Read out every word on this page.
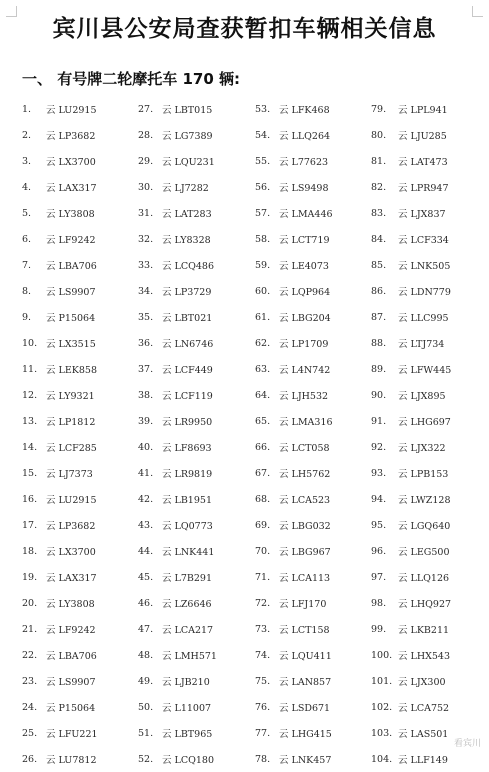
宾川县公安局查获暂扣车辆相关信息
一、 有号牌二轮摩托车 170 辆:
1.	云 LU2915
2.	云 LP3682
3.	云 LX3700
4.	云 LAX317
5.	云 LY3808
6.	云 LF9242
7.	云 LBA706
8.	云 LS9907
9.	云 P15064
10. 云 LX3515
11. 云 LEK858
12. 云 LY9321
13. 云 LP1812
14. 云 LCF285
15. 云 LJ7373
16. 云 LU2915
17. 云 LP3682
18. 云 LX3700
19. 云 LAX317
20. 云 LY3808
21. 云 LF9242
22. 云 LBA706
23. 云 LS9907
24. 云 P15064
25. 云 LFU221
26. 云 LU7812
27. 云 LBT015
28. 云 LG7389
29. 云 LQU231
30. 云 LJ7282
31. 云 LAT283
32. 云 LY8328
33. 云 LCQ486
34. 云 LP3729
35. 云 LBT021
36. 云 LN6746
37. 云 LCF449
38. 云 LCF119
39. 云 LR9950
40. 云 LF8693
41. 云 LR9819
42. 云 LB1951
43. 云 LQ0773
44. 云 LNK441
45. 云 L7B291
46. 云 LZ6646
47. 云 LCA217
48. 云 LMH571
49. 云 LJB210
50. 云 L11007
51. 云 LBT965
52. 云 LCQ180
53. 云 LFK468
54. 云 LLQ264
55. 云 L77623
56. 云 LS9498
57. 云 LMA446
58. 云 LCT719
59. 云 LE4073
60. 云 LQP964
61. 云 LBG204
62. 云 LP1709
63. 云 L4N742
64. 云 LJH532
65. 云 LMA316
66. 云 LCT058
67. 云 LH5762
68. 云 LCA523
69. 云 LBG032
70. 云 LBG967
71. 云 LCA113
72. 云 LFJ170
73. 云 LCT158
74. 云 LQU411
75. 云 LAN857
76. 云 LSD671
77. 云 LHG415
78. 云 LNK457
79.	云 LPL941
80.	云 LJU285
81.	云 LAT473
82.	云 LPR947
83.	云 LJX837
84.	云 LCF334
85.	云 LNK505
86.	云 LDN779
87.	云 LLC995
88.	云 LTJ734
89.	云 LFW445
90.	云 LJX895
91.	云 LHG697
92.	云 LJX322
93.	云 LPB153
94.	云 LWZ128
95.	云 LGQ640
96.	云 LEG500
97.	云 LLQ126
98.	云 LHQ927
99.	云 LKB211
100. 云 LHX543
101. 云 LJX300
102. 云 LCA752
103. 云 LAS501
104. 云 LLF149
看宾川
